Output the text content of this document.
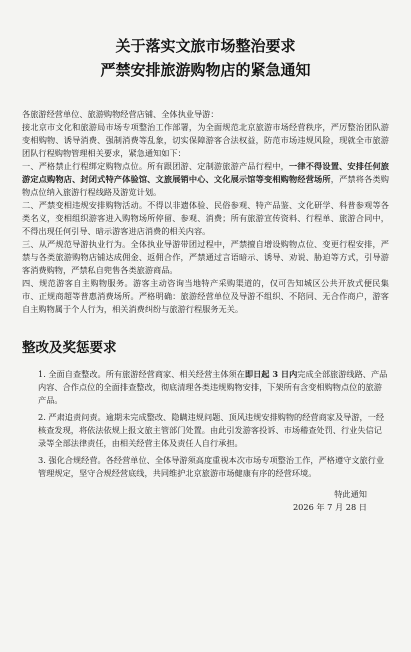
关于落实文旅市场整治要求
严禁安排旅游购物店的紧急通知

各旅游经营单位、旅游购物经营店铺、全体执业导游：

接北京市文化和旅游局市场专项整治工作部署，为全面规范北京旅游市场经营秩序，严厉整治团队游变相购物、诱导消费、强制消费等乱象，切实保障游客合法权益，防范市场违规风险，现就全市旅游团队行程购物管理相关要求，紧急通知如下：

一、严格禁止行程绑定购物点位。所有跟团游、定制游旅游产品行程中，一律不得设置、安排任何旅游定点购物店、封闭式特产体验馆、文旅展销中心、文化展示馆等变相购物经营场所，严禁将各类购物点位纳入旅游行程线路及游览计划。

二、严禁变相违规安排购物活动。不得以非遗体验、民俗参观、特产品鉴、文化研学、科普参观等各类名义，变相组织游客进入购物场所停留、参观、消费；所有旅游宣传资料、行程单、旅游合同中，不得出现任何引导、暗示游客进店消费的相关内容。

三、从严规范导游执业行为。全体执业导游带团过程中，严禁擅自增设购物点位、变更行程安排，严禁与各类旅游购物店铺达成佣金、返佣合作，严禁通过言语暗示、诱导、劝说、胁迫等方式，引导游客消费购物，严禁私自兜售各类旅游商品。

四、规范游客自主购物服务。游客主动咨询当地特产采购渠道的，仅可告知城区公共开放式便民集市、正规商超等普惠消费场所。严格明确：旅游经营单位及导游不组织、不陪同、无合作商户，游客自主购物属于个人行为，相关消费纠纷与旅游行程服务无关。

整改及奖惩要求

1. 全面自查整改。所有旅游经营商家、相关经营主体须在即日起 3 日内完成全部旅游线路、产品内容、合作点位的全面排查整改，彻底清理各类违规购物安排，下架所有含变相购物点位的旅游产品。

2. 严肃追责问责。逾期未完成整改、隐瞒违规问题、顶风违规安排购物的经营商家及导游，一经核查发现，将依法依规上报文旅主管部门处置。由此引发游客投诉、市场稽查处罚、行业失信记录等全部法律责任，由相关经营主体及责任人自行承担。

3. 强化合规经营。各经营单位、全体导游须高度重视本次市场专项整治工作，严格遵守文旅行业管理规定，坚守合规经营底线，共同维护北京旅游市场健康有序的经营环境。

特此通知
2026 年 7 月 28 日
